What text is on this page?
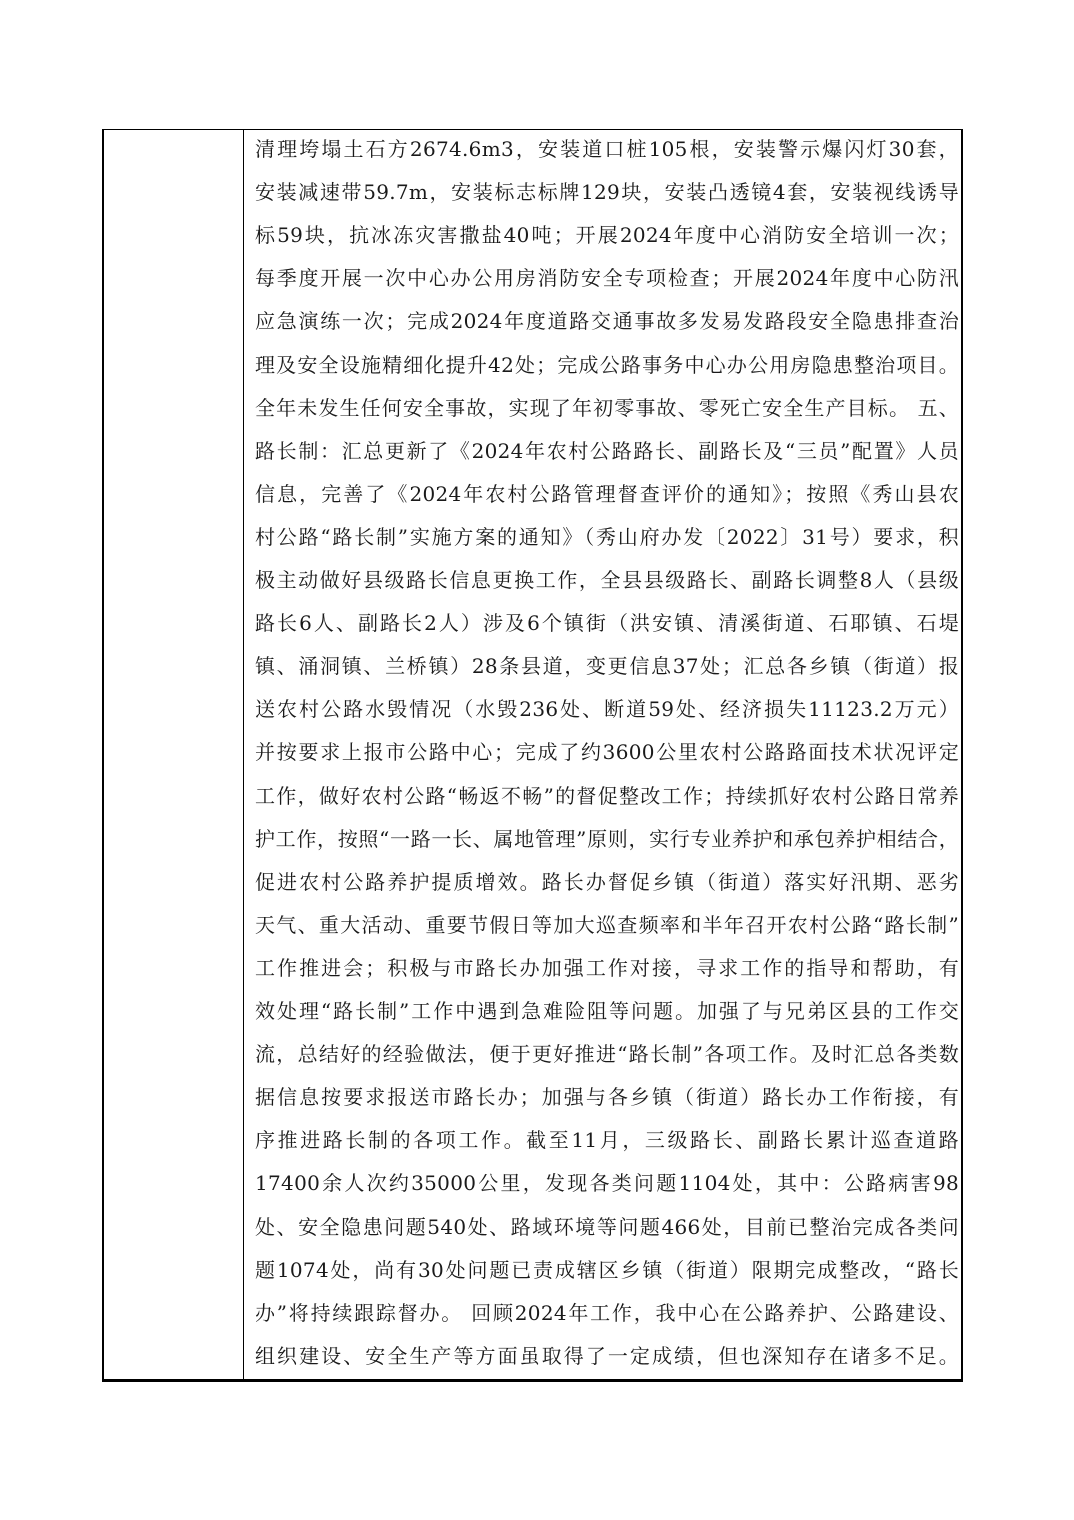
清理垮塌土石方2674.6m3，安装道口桩105根，安装警示爆闪灯30套，
安装减速带59.7m，安装标志标牌129块，安装凸透镜4套，安装视线诱导
标59块，抗冰冻灾害撒盐40吨；开展2024年度中心消防安全培训一次；
每季度开展一次中心办公用房消防安全专项检查；开展2024年度中心防汛
应急演练一次；完成2024年度道路交通事故多发易发路段安全隐患排查治
理及安全设施精细化提升42处；完成公路事务中心办公用房隐患整治项目。
全年未发生任何安全事故，实现了年初零事故、零死亡安全生产目标。 五、
路长制：汇总更新了《2024年农村公路路长、副路长及“三员”配置》人员
信息，完善了《2024年农村公路管理督查评价的通知》；按照《秀山县农
村公路“路长制”实施方案的通知》（秀山府办发〔2022〕31号）要求，积
极主动做好县级路长信息更换工作，全县县级路长、副路长调整8人（县级
路长6人、副路长2人）涉及6个镇街（洪安镇、清溪街道、石耶镇、石堤
镇、涌洞镇、兰桥镇）28条县道，变更信息37处；汇总各乡镇（街道）报
送农村公路水毁情况（水毁236处、断道59处、经济损失11123.2万元）
并按要求上报市公路中心；完成了约3600公里农村公路路面技术状况评定
工作，做好农村公路“畅返不畅”的督促整改工作；持续抓好农村公路日常养
护工作，按照“一路一长、属地管理”原则，实行专业养护和承包养护相结合，
促进农村公路养护提质增效。路长办督促乡镇（街道）落实好汛期、恶劣
天气、重大活动、重要节假日等加大巡查频率和半年召开农村公路“路长制”
工作推进会；积极与市路长办加强工作对接，寻求工作的指导和帮助，有
效处理“路长制”工作中遇到急难险阻等问题。加强了与兄弟区县的工作交
流，总结好的经验做法，便于更好推进“路长制”各项工作。及时汇总各类数
据信息按要求报送市路长办；加强与各乡镇（街道）路长办工作衔接，有
序推进路长制的各项工作。截至11月，三级路长、副路长累计巡查道路
17400余人次约35000公里，发现各类问题1104处，其中：公路病害98
处、安全隐患问题540处、路域环境等问题466处，目前已整治完成各类问
题1074处，尚有30处问题已责成辖区乡镇（街道）限期完成整改，“路长
办”将持续跟踪督办。 回顾2024年工作，我中心在公路养护、公路建设、
组织建设、安全生产等方面虽取得了一定成绩，但也深知存在诸多不足。
